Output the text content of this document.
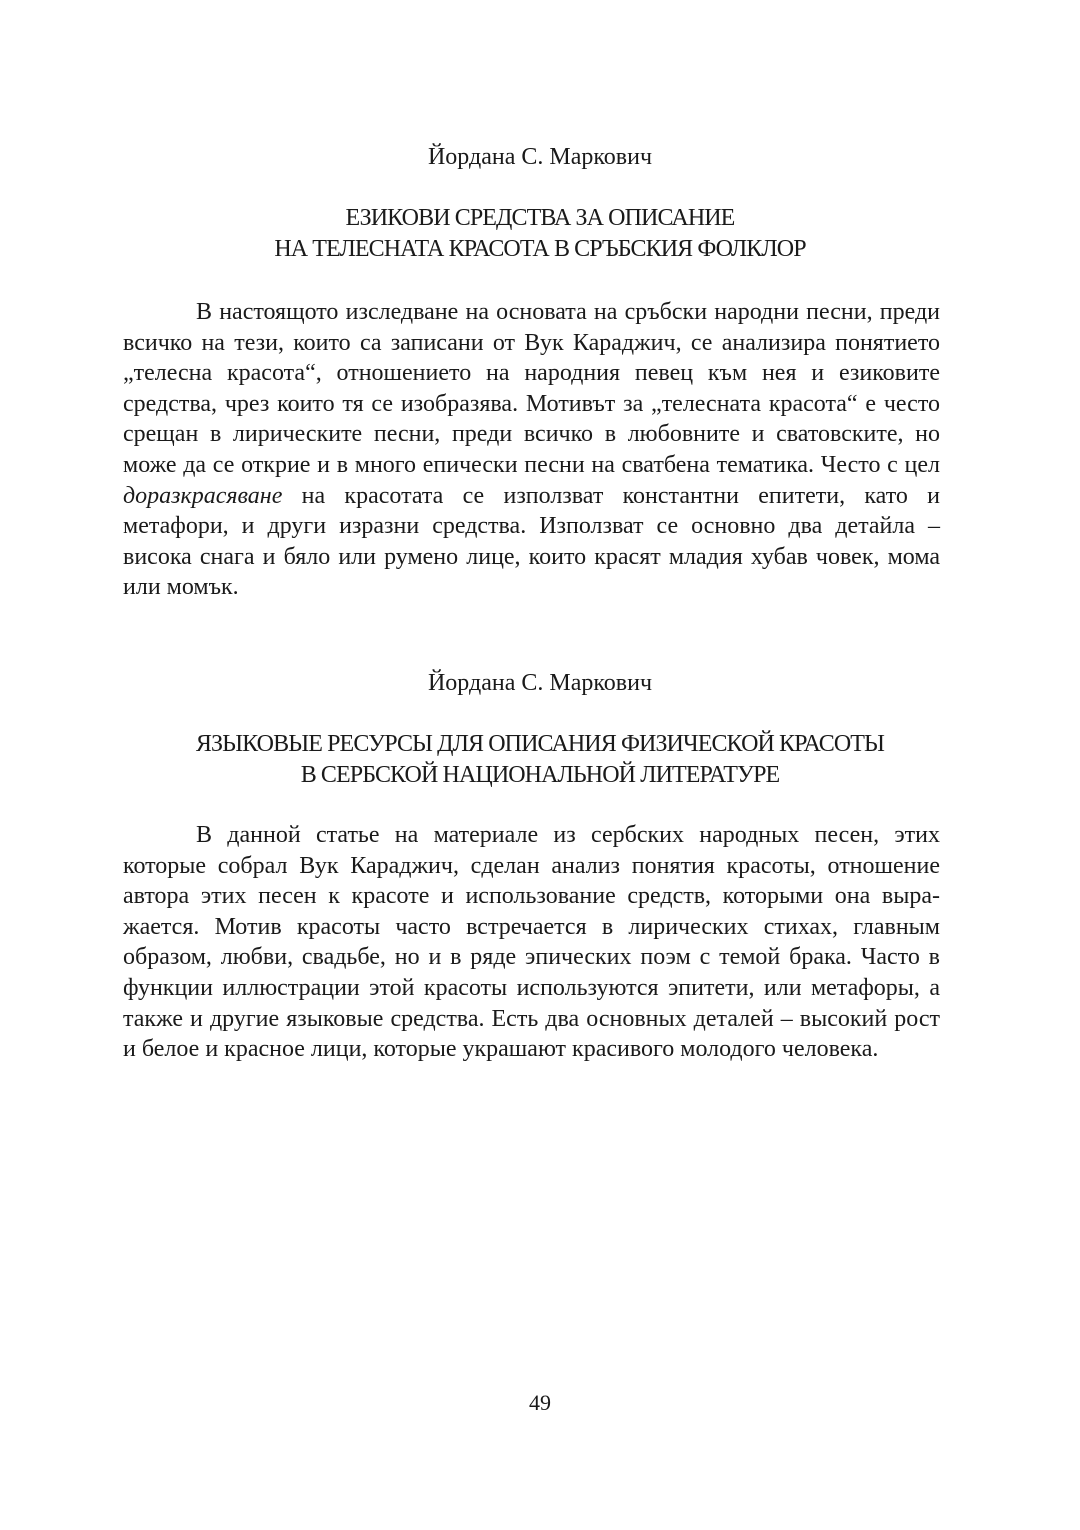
Йордана С. Маркович
ЕЗИКОВИ СРЕДСТВА ЗА ОПИСАНИЕ
НА ТЕЛЕСНАТА КРАСОТА В СРЪБСКИЯ ФОЛКЛОР

В настоящото изследване на основата на сръбски народни песни, преди всичко на тези, които са записани от Вук Караджич, се анализира понятието „телесна красота“, отношението на народния певец към нея и езиковите средства, чрез които тя се изобразява. Мотивът за „телесната красота“ е често срещан в лирическите песни, преди всичко в любовните и сватовските, но може да се открие и в много епически песни на сватбена тематика. Често с цел доразкрасяване на красотата се използват константни епитети, като и метафори, и други изразни средства. Използват се основно два детайла – висока снага и бяло или румено лице, които красят младия хубав човек, мома или момък.

Йордана С. Маркович
ЯЗЫКОВЫЕ РЕСУРСЫ ДЛЯ ОПИСАНИЯ ФИЗИЧЕСКОЙ КРАСОТЫ
В СЕРБСКОЙ НАЦИОНАЛЬНОЙ ЛИТЕРАТУРЕ

В данной статье на материале из сербских народных песен, этих которые собрал Вук Караджич, сделан анализ понятия красоты, отношение автора этих песен к красоте и использование средств, которыми она выражается. Мотив красоты часто встречается в лирических стихах, главным образом, любви, свадьбе, но и в ряде эпических поэм с темой брака. Часто в функции иллюстрации этой красоты используются эпитети, или метафоры, а также и другие языковые средства. Есть два основных деталей – высокий рост и белое и красное лици, которые украшают красивого молодого человека.

49
